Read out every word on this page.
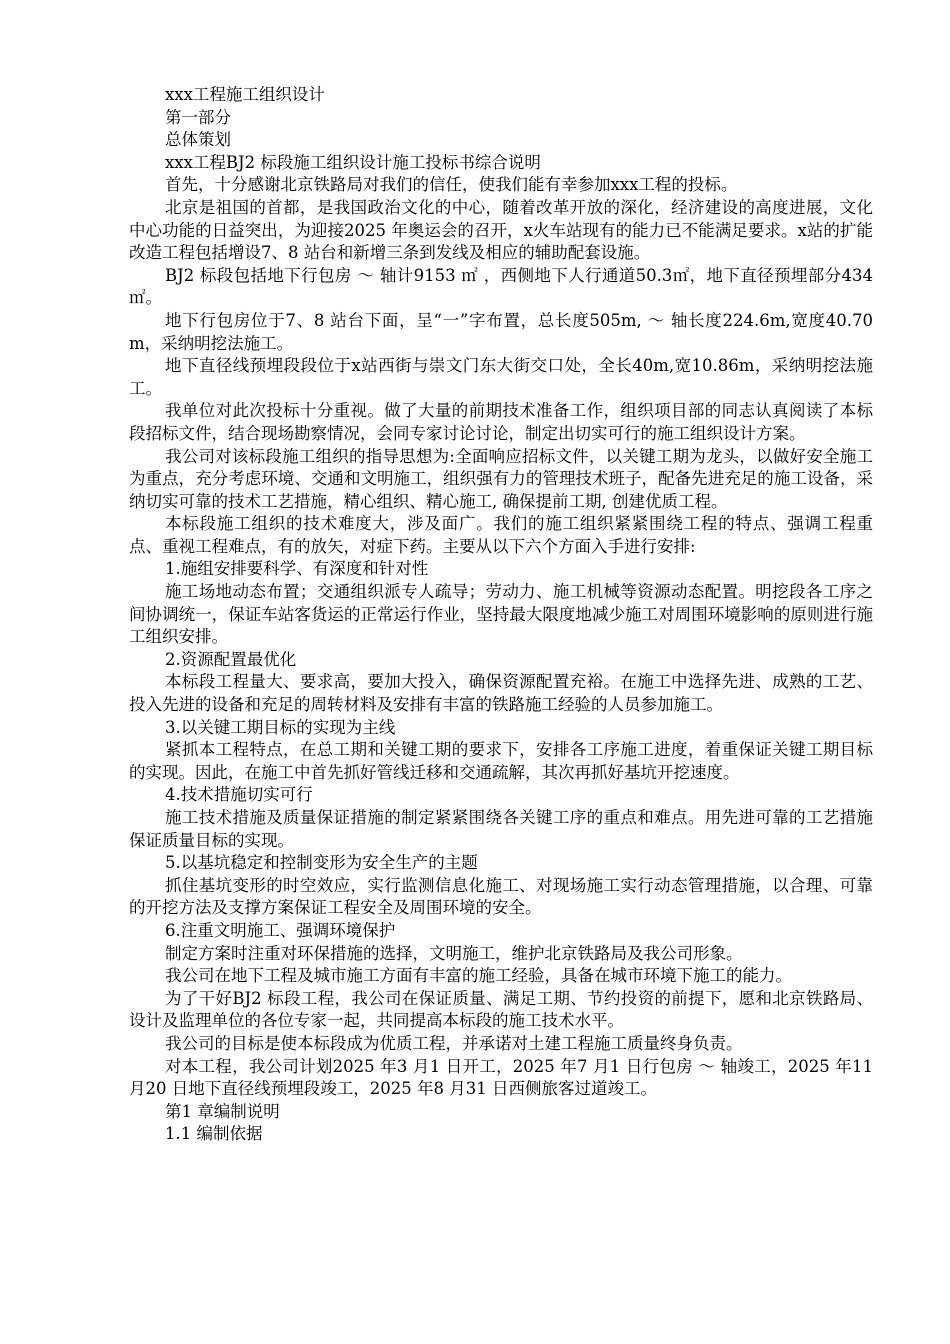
xxx工程施工组织设计

第一部分

总体策划

xxx工程BJ2 标段施工组织设计施工投标书综合说明

首先，十分感谢北京铁路局对我们的信任，使我们能有幸参加xxx工程的投标。

北京是祖国的首都，是我国政治文化的中心，随着改革开放的深化，经济建设的高度进展，文化中心功能的日益突出，为迎接2025 年奥运会的召开，x火车站现有的能力已不能满足要求。x站的扩能改造工程包括增设7、8 站台和新增三条到发线及相应的辅助配套设施。

BJ2 标段包括地下行包房 ～ 轴计9153 ㎡ ，西侧地下人行通道50.3㎡，地下直径预埋部分434㎡。

地下行包房位于7、8 站台下面，呈“一”字布置，总长度505m, ～ 轴长度224.6m,宽度40.70m，采纳明挖法施工。

地下直径线预埋段段位于x站西街与崇文门东大街交口处，全长40m,宽10.86m，采纳明挖法施工。

我单位对此次投标十分重视。做了大量的前期技术准备工作，组织项目部的同志认真阅读了本标段招标文件，结合现场勘察情况，会同专家讨论讨论，制定出切实可行的施工组织设计方案。

我公司对该标段施工组织的指导思想为:全面响应招标文件，以关键工期为龙头，以做好安全施工为重点，充分考虑环境、交通和文明施工，组织强有力的管理技术班子，配备先进充足的施工设备，采纳切实可靠的技术工艺措施，精心组织、精心施工, 确保提前工期, 创建优质工程。

本标段施工组织的技术难度大，涉及面广。我们的施工组织紧紧围绕工程的特点、强调工程重点、重视工程难点，有的放矢，对症下药。主要从以下六个方面入手进行安排:

1.施组安排要科学、有深度和针对性

施工场地动态布置；交通组织派专人疏导；劳动力、施工机械等资源动态配置。明挖段各工序之间协调统一，保证车站客货运的正常运行作业，坚持最大限度地减少施工对周围环境影响的原则进行施工组织安排。

2.资源配置最优化

本标段工程量大、要求高，要加大投入，确保资源配置充裕。在施工中选择先进、成熟的工艺、投入先进的设备和充足的周转材料及安排有丰富的铁路施工经验的人员参加施工。

3.以关键工期目标的实现为主线

紧抓本工程特点，在总工期和关键工期的要求下，安排各工序施工进度，着重保证关键工期目标的实现。因此，在施工中首先抓好管线迁移和交通疏解，其次再抓好基坑开挖速度。

4.技术措施切实可行

施工技术措施及质量保证措施的制定紧紧围绕各关键工序的重点和难点。用先进可靠的工艺措施保证质量目标的实现。

5.以基坑稳定和控制变形为安全生产的主题

抓住基坑变形的时空效应，实行监测信息化施工、对现场施工实行动态管理措施，以合理、可靠的开挖方法及支撑方案保证工程安全及周围环境的安全。

6.注重文明施工、强调环境保护

制定方案时注重对环保措施的选择，文明施工，维护北京铁路局及我公司形象。

我公司在地下工程及城市施工方面有丰富的施工经验，具备在城市环境下施工的能力。

为了干好BJ2 标段工程，我公司在保证质量、满足工期、节约投资的前提下，愿和北京铁路局、设计及监理单位的各位专家一起，共同提高本标段的施工技术水平。

我公司的目标是使本标段成为优质工程，并承诺对土建工程施工质量终身负责。

对本工程，我公司计划2025 年3 月1 日开工，2025 年7 月1 日行包房 ～ 轴竣工，2025 年11 月20 日地下直径线预埋段竣工，2025 年8 月31 日西侧旅客过道竣工。

第1 章编制说明

1.1 编制依据
